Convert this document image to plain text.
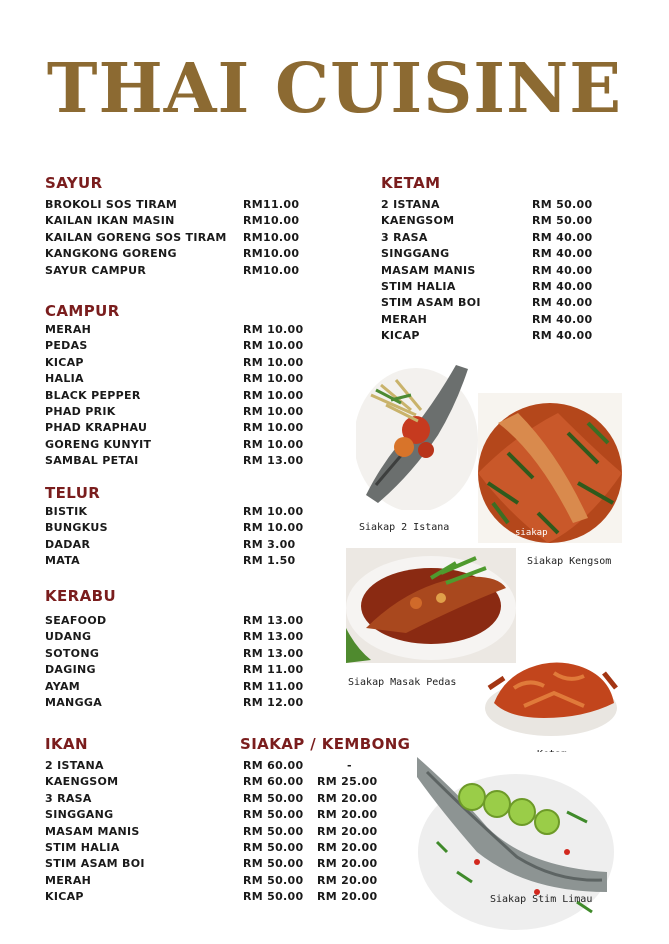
THAI CUISINE
SAYUR
BROKOLI SOS TIRAM	RM11.00
KAILAN IKAN MASIN	RM10.00
KAILAN GORENG SOS TIRAM RM10.00
KANGKONG GORENG	RM10.00
SAYUR CAMPUR	RM10.00
CAMPUR
MERAH	RM 10.00
PEDAS	RM 10.00
KICAP	RM 10.00
HALIA	RM 10.00
BLACK PEPPER	RM 10.00
PHAD PRIK	RM 10.00
PHAD KRAPHAU	RM 10.00
GORENG KUNYIT	RM 10.00
SAMBAL PETAI	RM 13.00
TELUR
BISTIK	RM 10.00
BUNGKUS	RM 10.00
DADAR	RM 3.00
MATA	RM 1.50
KERABU
SEAFOOD	RM 13.00
UDANG	RM 13.00
SOTONG	RM 13.00
DAGING	RM 11.00
AYAM	RM 11.00
MANGGA	RM 12.00
IKAN	SIAKAP / KEMBONG
2 ISTANA	RM 60.00	-
KAENGSOM	RM 60.00 RM 25.00
3 RASA	RM 50.00 RM 20.00
SINGGANG	RM 50.00 RM 20.00
MASAM MANIS	RM 50.00 RM 20.00
STIM HALIA	RM 50.00 RM 20.00
STIM ASAM BOI	RM 50.00 RM 20.00
MERAH	RM 50.00 RM 20.00
KICAP	RM 50.00 RM 20.00
KETAM
2 ISTANA	RM 50.00
KAENGSOM	RM 50.00
3 RASA	RM 40.00
SINGGANG	RM 40.00
MASAM MANIS	RM 40.00
STIM HALIA	RM 40.00
STIM ASAM BOI	RM 40.00
MERAH	RM 40.00
KICAP	RM 40.00
Siakap 2 Istana	siakap
Siakap Kengsom
Siakap Masak Pedas
Siakap Stim Limau
